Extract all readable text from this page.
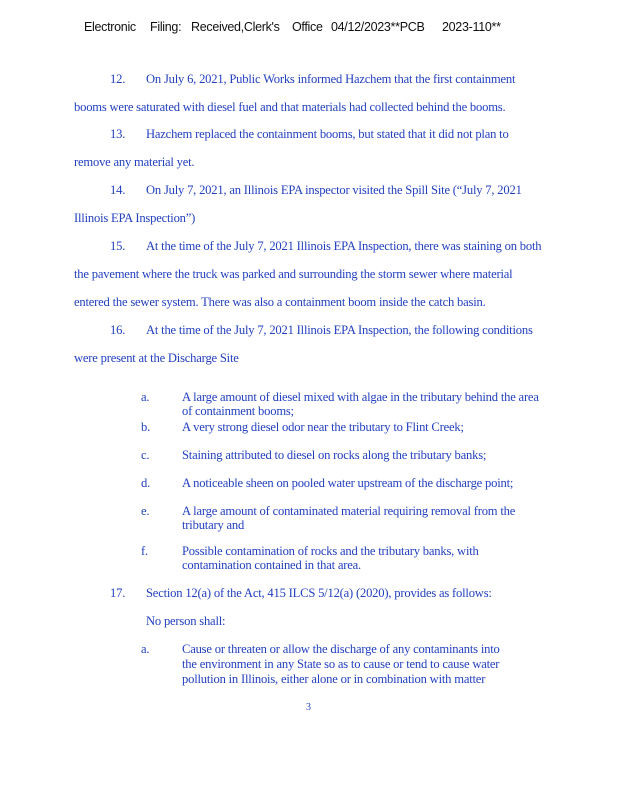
Electronic Filing: Received,Clerk's Office 04/12/2023**PCB 2023-110**
12. On July 6, 2021, Public Works informed Hazchem that the first containment
booms were saturated with diesel fuel and that materials had collected behind the booms.
13. Hazchem replaced the containment booms, but stated that it did not plan to
remove any material yet.
14. On July 7, 2021, an Illinois EPA inspector visited the Spill Site (“July 7, 2021
Illinois EPA Inspection”)
15. At the time of the July 7, 2021 Illinois EPA Inspection, there was staining on both
the pavement where the truck was parked and surrounding the storm sewer where material
entered the sewer system. There was also a containment boom inside the catch basin.
16. At the time of the July 7, 2021 Illinois EPA Inspection, the following conditions
were present at the Discharge Site
a.	A large amount of diesel mixed with algae in the tributary behind the area
of containment booms;
b.	A very strong diesel odor near the tributary to Flint Creek;
c.	Staining attributed to diesel on rocks along the tributary banks;
d.	A noticeable sheen on pooled water upstream of the discharge point;
e.	A large amount of contaminated material requiring removal from the
tributary and
f.	Possible contamination of rocks and the tributary banks, with
contamination contained in that area.
17. Section 12(a) of the Act, 415 ILCS 5/12(a) (2020), provides as follows:
No person shall:
a.	Cause or threaten or allow the discharge of any contaminants into
the environment in any State so as to cause or tend to cause water
pollution in Illinois, either alone or in combination with matter
3
